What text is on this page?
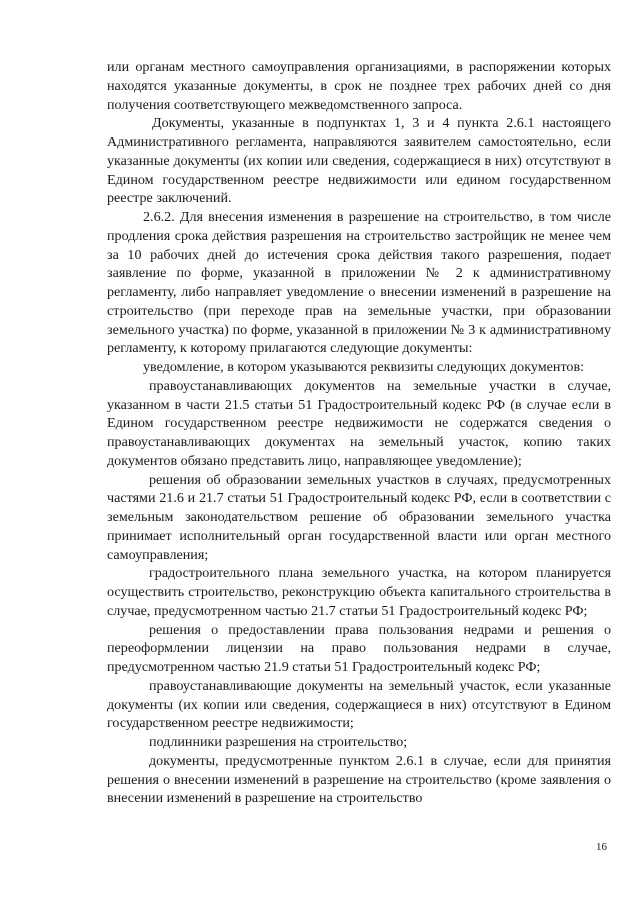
или органам местного самоуправления организациями, в распоряжении которых находятся указанные документы, в срок не позднее трех рабочих дней со дня получения соответствующего межведомственного запроса.

Документы, указанные в подпунктах 1, 3 и 4 пункта 2.6.1 настоящего Административного регламента, направляются заявителем самостоятельно, если указанные документы (их копии или сведения, содержащиеся в них) отсутствуют в Едином государственном реестре недвижимости или едином государственном реестре заключений.

2.6.2. Для внесения изменения в разрешение на строительство, в том числе продления срока действия разрешения на строительство застройщик не менее чем за 10 рабочих дней до истечения срока действия такого разрешения, подает заявление по форме, указанной в приложении № 2 к административному регламенту, либо направляет уведомление о внесении изменений в разрешение на строительство (при переходе прав на земельные участки, при образовании земельного участка) по форме, указанной в приложении № 3 к административному регламенту, к которому прилагаются следующие документы:

уведомление, в котором указываются реквизиты следующих документов:

правоустанавливающих документов на земельные участки в случае, указанном в части 21.5 статьи 51 Градостроительный кодекс РФ (в случае если в Едином государственном реестре недвижимости не содержатся сведения о правоустанавливающих документах на земельный участок, копию таких документов обязано представить лицо, направляющее уведомление);

решения об образовании земельных участков в случаях, предусмотренных частями 21.6 и 21.7 статьи 51 Градостроительный кодекс РФ, если в соответствии с земельным законодательством решение об образовании земельного участка принимает исполнительный орган государственной власти или орган местного самоуправления;

градостроительного плана земельного участка, на котором планируется осуществить строительство, реконструкцию объекта капитального строительства в случае, предусмотренном частью 21.7 статьи 51 Градостроительный кодекс РФ;

решения о предоставлении права пользования недрами и решения о переоформлении лицензии на право пользования недрами в случае, предусмотренном частью 21.9 статьи 51 Градостроительный кодекс РФ;

правоустанавливающие документы на земельный участок, если указанные документы (их копии или сведения, содержащиеся в них) отсутствуют в Едином государственном реестре недвижимости;

подлинники разрешения на строительство;

документы, предусмотренные пунктом 2.6.1 в случае, если для принятия решения о внесении изменений в разрешение на строительство (кроме заявления о внесении изменений в разрешение на строительство

16
